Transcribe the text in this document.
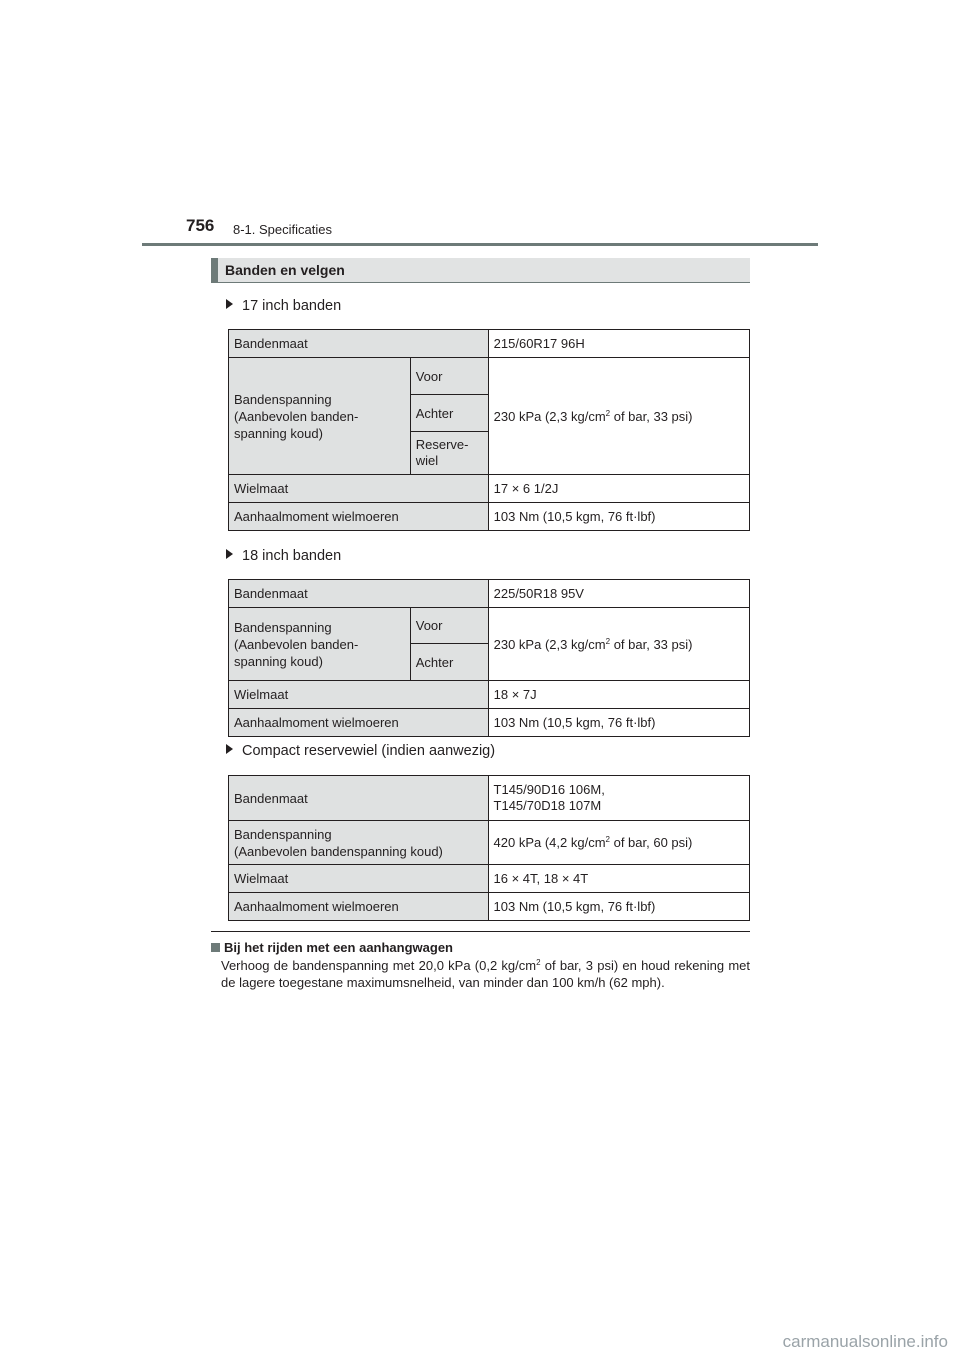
756 8-1. Specificaties
Banden en velgen
17 inch banden
Bandenmaat		215/60R17 96H
Bandenspanning
(Aanbevolen banden-
spanning koud)	Voor	230 kPa (2,3 $kg/cm^2$ of bar, 33 psi)
	Achter	
	Reserve-
wiel	
Wielmaat		17 × 6 1/2J
Aanhaalmoment wielmoeren		103 Nm (10,5 kgm, 76 ft·lbf)
18 inch banden
Bandenmaat		225/50R18 95V
Bandenspanning
(Aanbevolen banden-
spanning koud)	Voor	230 kPa (2,3 $kg/cm^2$ of bar, 33 psi)
	Achter	
Wielmaat		18 × 7J
Aanhaalmoment wielmoeren		103 Nm (10,5 kgm, 76 ft·lbf)
Compact reservewiel (indien aanwezig)
Bandenmaat	T145/90D16 106M,
T145/70D18 107M
Bandenspanning
(Aanbevolen bandenspanning koud)	420 kPa (4,2 $kg/cm^2$ of bar, 60 psi)
Wielmaat	16 × 4T, 18 × 4T
Aanhaalmoment wielmoeren	103 Nm (10,5 kgm, 76 ft·lbf)
Bij het rijden met een aanhangwagen
Verhoog de bandenspanning met 20,0 kPa (0,2 $kg/cm^2$ of bar, 3 psi) en houd rekening met de lagere toegestane maximumsnelheid, van minder dan 100 km/h (62 mph).
carmanualsonline.info
